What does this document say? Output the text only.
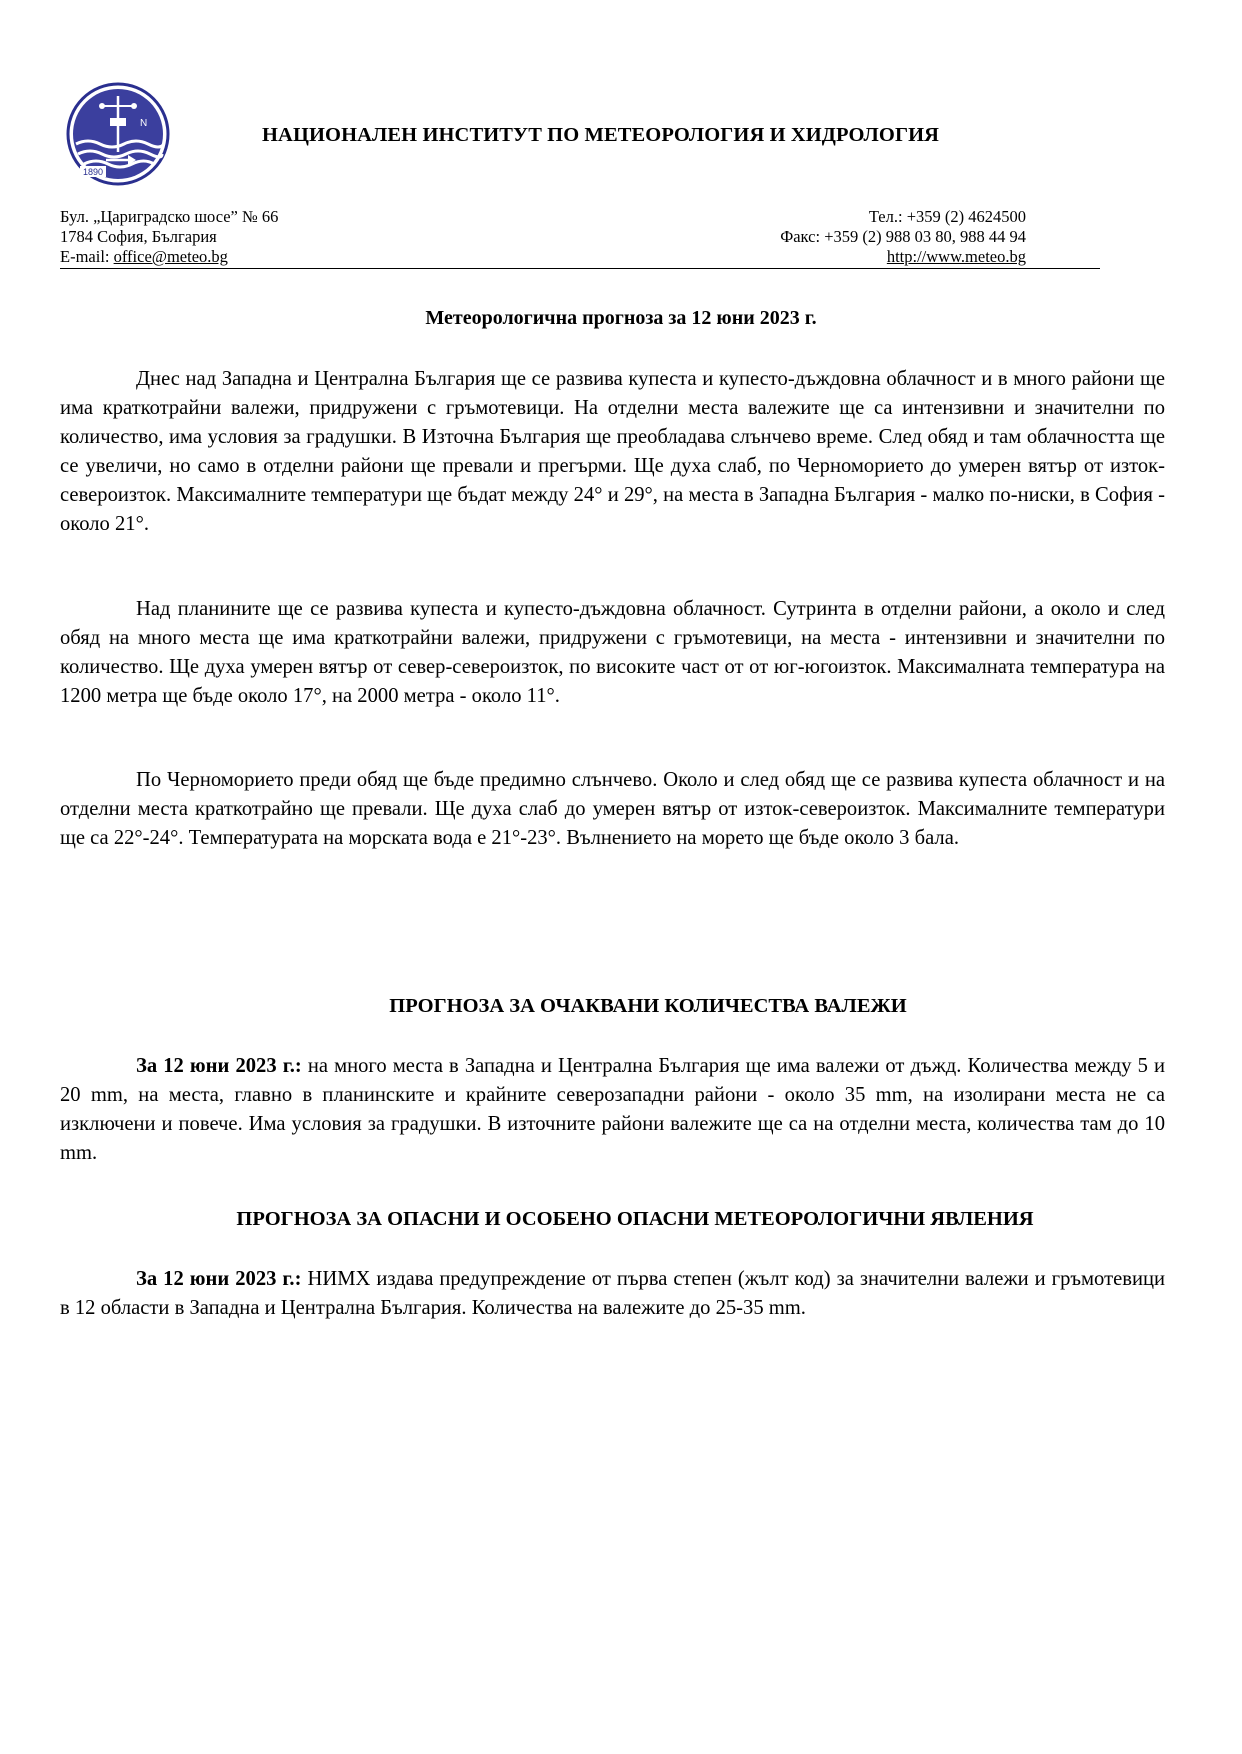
1890
N
НАЦИОНАЛЕН ИНСТИТУТ ПО МЕТЕОРОЛОГИЯ И ХИДРОЛОГИЯ
Бул. „Цариградско шосе” № 66
1784 София, България
E-mail: office@meteo.bg
Тел.: +359 (2) 4624500
Факс: +359 (2) 988 03 80, 988 44 94
http://www.meteo.bg
Метеорологична прогноза за 12 юни 2023 г.

Днес над Западна и Централна България ще се развива купеста и купесто-дъждовна облачност и в много райони ще има краткотрайни валежи, придружени с гръмотевици. На отделни места валежите ще са интензивни и значителни по количество, има условия за градушки. В Източна България ще преобладава слънчево време. След обяд и там облачността ще се увеличи, но само в отделни райони ще превали и прегърми. Ще духа слаб, по Черноморието до умерен вятър от изток-североизток. Максималните температури ще бъдат между 24° и 29°, на места в Западна България - малко по-ниски, в София - около 21°.

Над планините ще се развива купеста и купесто-дъждовна облачност. Сутринта в отделни райони, а около и след обяд на много места ще има краткотрайни валежи, придружени с гръмотевици, на места - интензивни и значителни по количество. Ще духа умерен вятър от север-североизток, по високите част от от юг-югоизток. Максималната температура на 1200 метра ще бъде около 17°, на 2000 метра - около 11°.

По Черноморието преди обяд ще бъде предимно слънчево. Около и след обяд ще се развива купеста облачност и на отделни места краткотрайно ще превали. Ще духа слаб до умерен вятър от изток-североизток. Максималните температури ще са 22°-24°. Температурата на морската вода е 21°-23°. Вълнението на морето ще бъде около 3 бала.

ПРОГНОЗА ЗА ОЧАКВАНИ КОЛИЧЕСТВА ВАЛЕЖИ

За 12 юни 2023 г.: на много места в Западна и Централна България ще има валежи от дъжд. Количества между 5 и 20 mm, на места, главно в планинските и крайните северозападни райони - около 35 mm, на изолирани места не са изключени и повече. Има условия за градушки. В източните райони валежите ще са на отделни места, количества там до 10 mm.

ПРОГНОЗА ЗА ОПАСНИ И ОСОБЕНО ОПАСНИ МЕТЕОРОЛОГИЧНИ ЯВЛЕНИЯ

За 12 юни 2023 г.: НИМХ издава предупреждение от първа степен (жълт код) за значителни валежи и гръмотевици в 12 области в Западна и Централна България. Количества на валежите до 25-35 mm.
